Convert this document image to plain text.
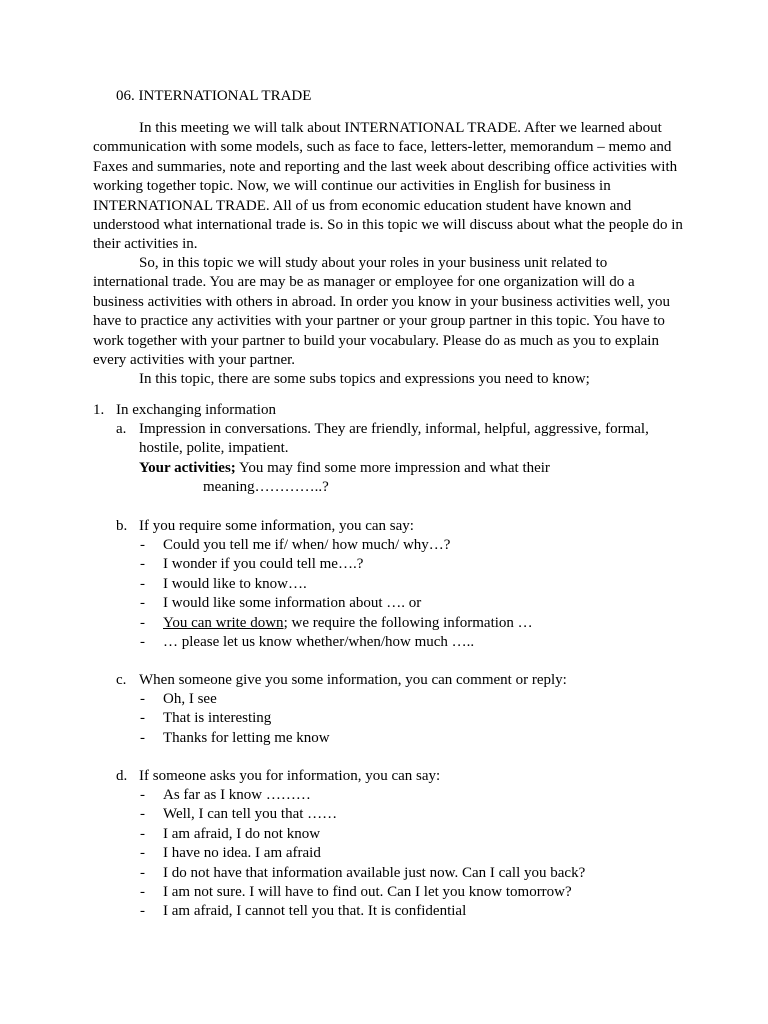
06. INTERNATIONAL TRADE

In this meeting we will talk about INTERNATIONAL TRADE. After we learned about communication with some models, such as face to face, letters-letter, memorandum – memo and Faxes and summaries, note and reporting and the last week about describing office activities with working together topic. Now, we will continue our activities in English for business in INTERNATIONAL TRADE. All of us from economic education student have known and understood what international trade is. So in this topic we will discuss about what the people do in their activities in.

So, in this topic we will study about your roles in your business unit related to international trade. You are may be as manager or employee for one organization will do a business activities with others in abroad. In order you know in your business activities well, you have to practice any activities with your partner or your group partner in this topic. You have to work together with your partner to build your vocabulary. Please do as much as you to explain every activities with your partner.

In this topic, there are some subs topics and expressions you need to know;

1. In exchanging information
a. Impression in conversations. They are friendly, informal, helpful, aggressive, formal,
hostile, polite, impatient.
Your activities; You may find some more impression and what their
meaning…………..?
b. If you require some information, you can say:
- Could you tell me if/ when/ how much/ why…?
- I wonder if you could tell me….?
- I would like to know….
- I would like some information about …. or
- You can write down; we require the following information …
- … please let us know whether/when/how much …..
c. When someone give you some information, you can comment or reply:
- Oh, I see
- That is interesting
- Thanks for letting me know
d. If someone asks you for information, you can say:
- As far as I know ………
- Well, I can tell you that ……
- I am afraid, I do not know
- I have no idea. I am afraid
- I do not have that information available just now. Can I call you back?
- I am not sure. I will have to find out. Can I let you know tomorrow?
- I am afraid, I cannot tell you that. It is confidential
